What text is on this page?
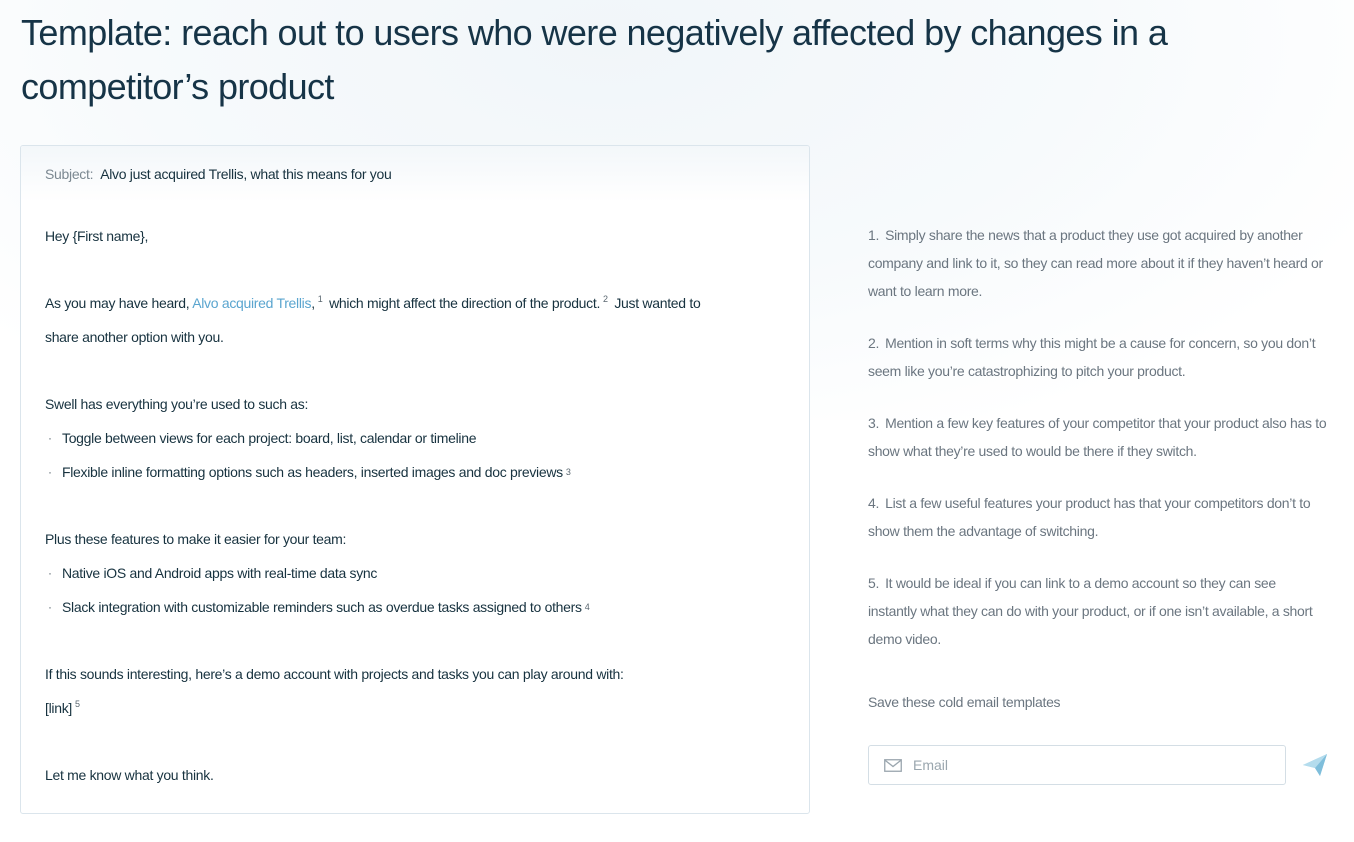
Template: reach out to users who were negatively affected by changes in a competitor’s product
Subject: Alvo just acquired Trellis, what this means for you

Hey {First name},

As you may have heard, Alvo acquired Trellis, $^1$ which might affect the direction of the product. $^2$ Just wanted to

share another option with you.

Swell has everything you’re used to such as:

· Toggle between views for each project: board, list, calendar or timeline
· Flexible inline formatting options such as headers, inserted images and doc previews 3

Plus these features to make it easier for your team:

· Native iOS and Android apps with real-time data sync
· Slack integration with customizable reminders such as overdue tasks assigned to others 4

If this sounds interesting, here’s a demo account with projects and tasks you can play around with:

[link] $^5$

Let me know what you think.

1. Simply share the news that a product they use got acquired by another company and link to it, so they can read more about it if they haven’t heard or want to learn more.

2. Mention in soft terms why this might be a cause for concern, so you don’t seem like you’re catastrophizing to pitch your product.

3. Mention a few key features of your competitor that your product also has to show what they’re used to would be there if they switch.

4. List a few useful features your product has that your competitors don’t to show them the advantage of switching.

5. It would be ideal if you can link to a demo account so they can see instantly what they can do with your product, or if one isn’t available, a short demo video.

Save these cold email templates
Email
